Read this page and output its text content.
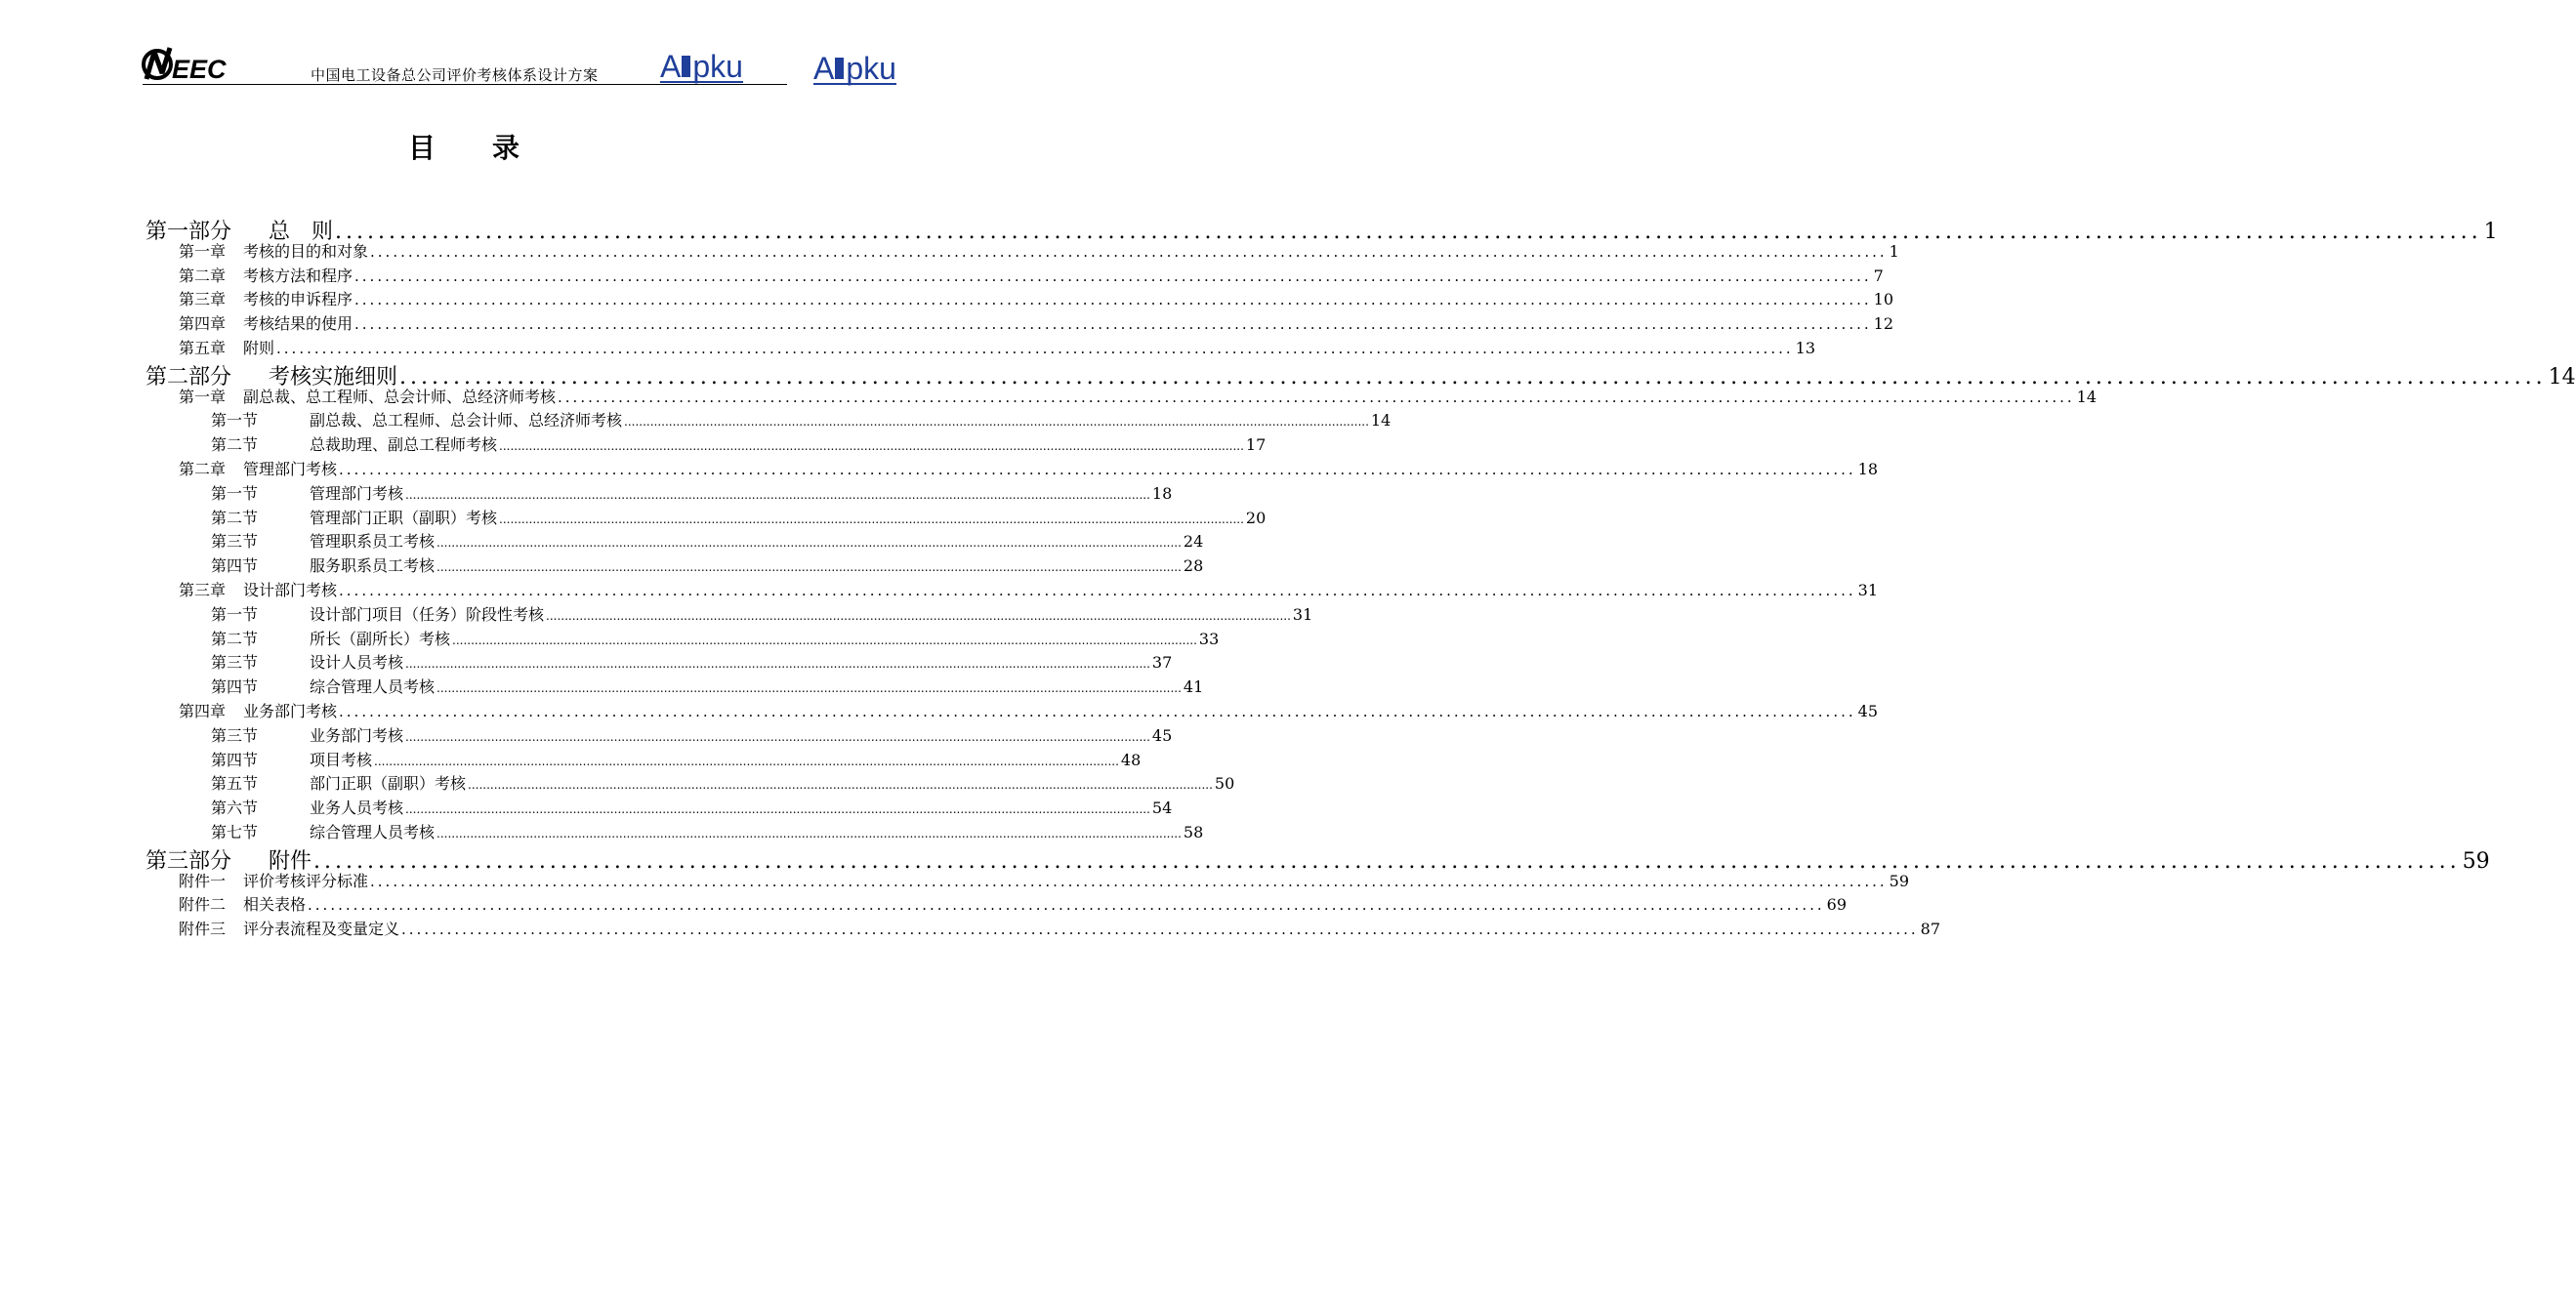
EEC	中国电工设备总公司评价考核体系设计方案 A pku A pku
目 录
第一部分 总　则 ........................................................................................................................................................................................................ 1
第一章 考核的目的和对象 ........................................................................................................................................................................................................ 1
第二章 考核方法和程序 ........................................................................................................................................................................................................ 7
第三章 考核的申诉程序 ........................................................................................................................................................................................................ 10
第四章 考核结果的使用 ........................................................................................................................................................................................................ 12
第五章 附则 ........................................................................................................................................................................................................ 13
第二部分 考核实施细则 ........................................................................................................................................................................................................ 14
第一章 副总裁、总工程师、总会计师、总经济师考核 ........................................................................................................................................................................................................ 14
第一节	副总裁、总工程师、总会计师、总经济师考核 ........................................................................................................................................................................................................ 14
第二节	总裁助理、副总工程师考核 ........................................................................................................................................................................................................ 17
第二章 管理部门考核 ........................................................................................................................................................................................................ 18
第一节	管理部门考核 ........................................................................................................................................................................................................ 18
第二节	管理部门正职（副职）考核 ........................................................................................................................................................................................................ 20
第三节	管理职系员工考核 ........................................................................................................................................................................................................ 24
第四节	服务职系员工考核 ........................................................................................................................................................................................................ 28
第三章 设计部门考核 ........................................................................................................................................................................................................ 31
第一节	设计部门项目（任务）阶段性考核 ........................................................................................................................................................................................................ 31
第二节	所长（副所长）考核 ........................................................................................................................................................................................................ 33
第三节	设计人员考核 ........................................................................................................................................................................................................ 37
第四节	综合管理人员考核 ........................................................................................................................................................................................................ 41
第四章 业务部门考核 ........................................................................................................................................................................................................ 45
第三节	业务部门考核 ........................................................................................................................................................................................................ 45
第四节	项目考核 ........................................................................................................................................................................................................ 48
第五节	部门正职（副职）考核 ........................................................................................................................................................................................................ 50
第六节	业务人员考核 ........................................................................................................................................................................................................ 54
第七节	综合管理人员考核 ........................................................................................................................................................................................................ 58
第三部分 附件 ........................................................................................................................................................................................................ 59
附件一 评价考核评分标准 ........................................................................................................................................................................................................ 59
附件二 相关表格 ........................................................................................................................................................................................................ 69
附件三 评分表流程及变量定义 ........................................................................................................................................................................................................ 87
